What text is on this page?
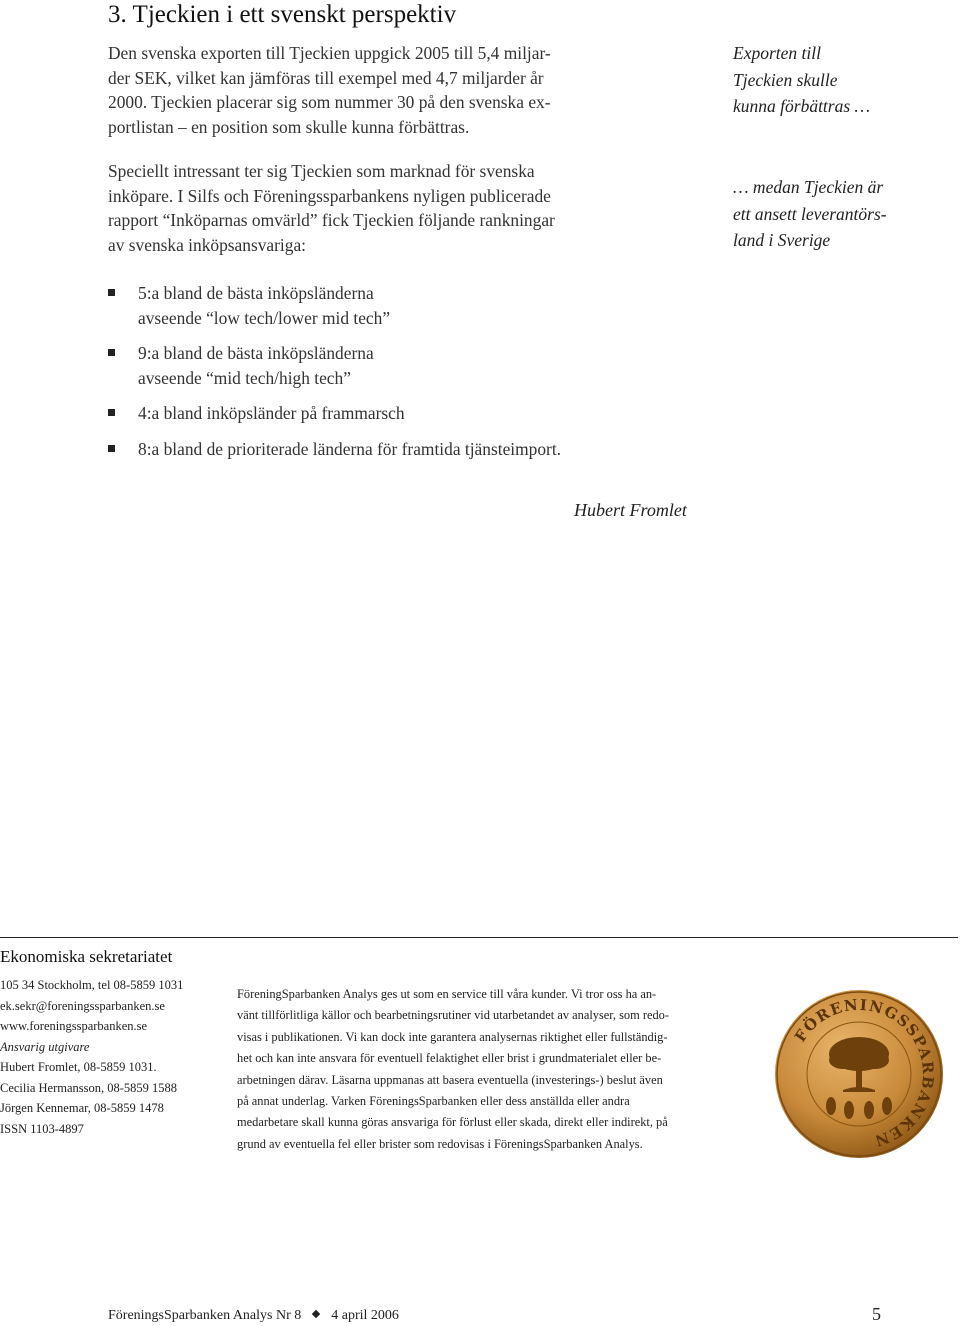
3. Tjeckien i ett svenskt perspektiv
Den svenska exporten till Tjeckien uppgick 2005 till 5,4 miljar-
der SEK, vilket kan jämföras till exempel med 4,7 miljarder år
2000. Tjeckien placerar sig som nummer 30 på den svenska ex-
portlistan – en position som skulle kunna förbättras.
Speciellt intressant ter sig Tjeckien som marknad för svenska
inköpare. I Silfs och Föreningssparbankens nyligen publicerade
rapport “Inköparnas omvärld” fick Tjeckien följande rankningar
av svenska inköpsansvariga:
Exporten till
Tjeckien skulle
kunna förbättras …
… medan Tjeckien är
ett ansett leverantörs-
land i Sverige
5:a bland de bästa inköpsländerna
avseende “low tech/lower mid tech”
9:a bland de bästa inköpsländerna
avseende “mid tech/high tech”
4:a bland inköpsländer på frammarsch
8:a bland de prioriterade länderna för framtida tjänsteimport.
Hubert Fromlet
Ekonomiska sekretariatet
105 34 Stockholm, tel 08-5859 1031
ek.sekr@foreningssparbanken.se
www.foreningssparbanken.se
Ansvarig utgivare
Hubert Fromlet, 08-5859 1031.
Cecilia Hermansson, 08-5859 1588
Jörgen Kennemar, 08-5859 1478
ISSN 1103-4897
FöreningSparbanken Analys ges ut som en service till våra kunder. Vi tror oss ha an-
vänt tillförlitliga källor och bearbetningsrutiner vid utarbetandet av analyser, som redo-
visas i publikationen. Vi kan dock inte garantera analysernas riktighet eller fullständig-
het och kan inte ansvara för eventuell felaktighet eller brist i grundmaterialet eller be-
arbetningen därav. Läsarna uppmanas att basera eventuella (investerings-) beslut även
på annat underlag. Varken FöreningsSparbanken eller dess anställda eller andra
medarbetare skall kunna göras ansvariga för förlust eller skada, direkt eller indirekt, på
grund av eventuella fel eller brister som redovisas i FöreningsSparbanken Analys.
FÖRENINGSSPARBANKEN
FöreningsSparbanken Analys Nr 8 4 april 2006	5
